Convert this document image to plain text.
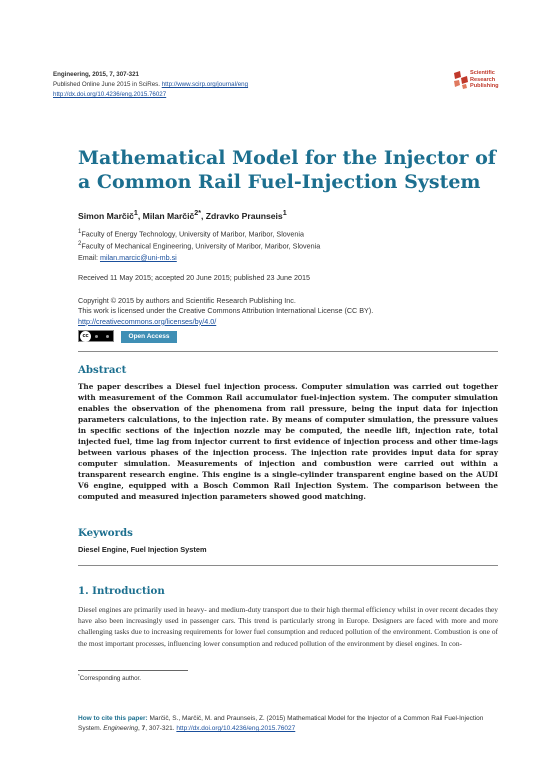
Engineering, 2015, 7, 307-321
Published Online June 2015 in SciRes. http://www.scirp.org/journal/eng
http://dx.doi.org/10.4236/eng.2015.76027
Scientific
Research
Publishing
Mathematical Model for the Injector of a Common Rail Fuel-Injection System
Simon Marčič$^1$, Milan Marčič$^{2*}$, Zdravko Praunseis$^1$
$^1$Faculty of Energy Technology, University of Maribor, Maribor, Slovenia
$^2$Faculty of Mechanical Engineering, University of Maribor, Maribor, Slovenia
Email: milan.marcic@uni-mb.si
Received 11 May 2015; accepted 20 June 2015; published 23 June 2015
Copyright © 2015 by authors and Scientific Research Publishing Inc.
This work is licensed under the Creative Commons Attribution International License (CC BY).
http://creativecommons.org/licenses/by/4.0/
cc	Open Access
Abstract
The paper describes a Diesel fuel injection process. Computer simulation was carried out together with measurement of the Common Rail accumulator fuel-injection system. The computer simulation enables the observation of the phenomena from rail pressure, being the input data for injection parameters calculations, to the injection rate. By means of computer simulation, the pressure values in specific sections of the injection nozzle may be computed, the needle lift, injection rate, total injected fuel, time lag from injector current to first evidence of injection process and other time-lags between various phases of the injection process. The injection rate provides input data for spray computer simulation. Measurements of injection and combustion were carried out within a transparent research engine. This engine is a single-cylinder transparent engine based on the AUDI V6 engine, equipped with a Bosch Common Rail Injection System. The comparison between the computed and measured injection parameters showed good matching.
Keywords
Diesel Engine, Fuel Injection System
1. Introduction
Diesel engines are primarily used in heavy- and medium-duty transport due to their high thermal efficiency whilst in over recent decades they have also been increasingly used in passenger cars. This trend is particularly strong in Europe. Designers are faced with more and more challenging tasks due to increasing requirements for lower fuel consumption and reduced pollution of the environment. Combustion is one of the most important processes, influencing lower consumption and reduced pollution of the environment by diesel engines. In con-
*Corresponding author.
How to cite this paper: Marčič, S., Marčič, M. and Praunseis, Z. (2015) Mathematical Model for the Injector of a Common Rail Fuel-Injection System. Engineering, 7, 307-321. http://dx.doi.org/10.4236/eng.2015.76027
